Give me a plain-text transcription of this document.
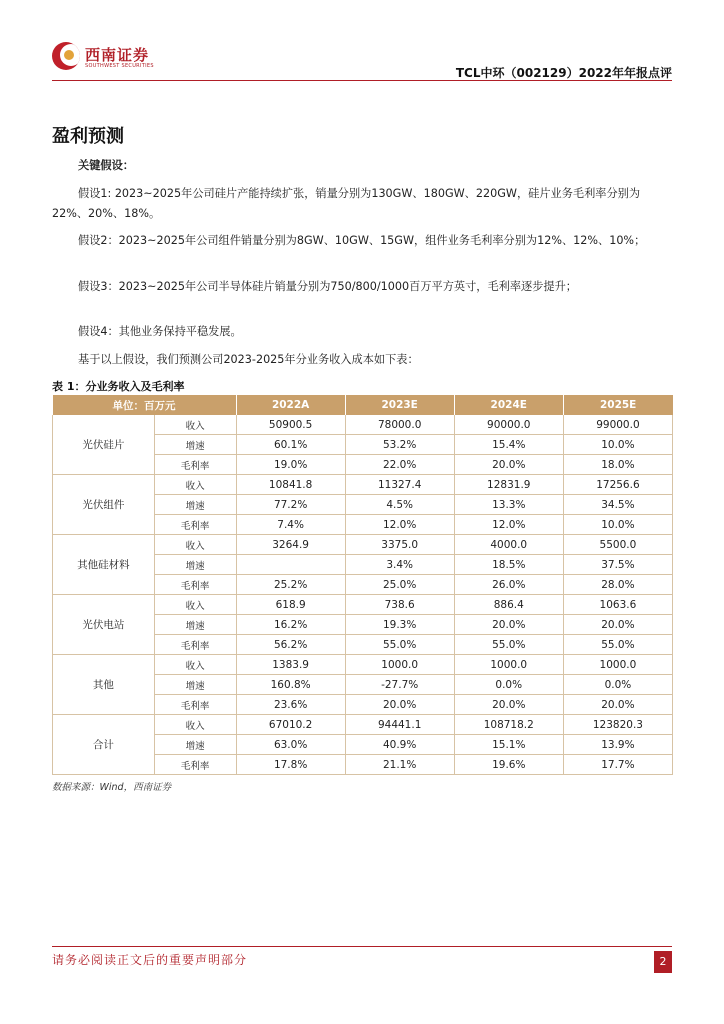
西南证券
SOUTHWEST SECURITIES	TCL中环（002129）2022年年报点评
盈利预测
关键假设：
假设1: 2023~2025年公司硅片产能持续扩张，销量分别为130GW、180GW、220GW，硅片业务毛利率分别为22%、20%、18%。
假设2：2023~2025年公司组件销量分别为8GW、10GW、15GW，组件业务毛利率分别为12%、12%、10%；
假设3：2023~2025年公司半导体硅片销量分别为750/800/1000百万平方英寸，毛利率逐步提升；
假设4：其他业务保持平稳发展。
基于以上假设，我们预测公司2023-2025年分业务收入成本如下表：
表 1：分业务收入及毛利率
单位：百万元		2022A	2023E	2024E	2025E
光伏硅片	收入	50900.5	78000.0	90000.0	99000.0
	增速	60.1%	53.2%	15.4%	10.0%
	毛利率	19.0%	22.0%	20.0%	18.0%
光伏组件	收入	10841.8	11327.4	12831.9	17256.6
	增速	77.2%	4.5%	13.3%	34.5%
	毛利率	7.4%	12.0%	12.0%	10.0%
其他硅材料	收入	3264.9	3375.0	4000.0	5500.0
	增速		3.4%	18.5%	37.5%
	毛利率	25.2%	25.0%	26.0%	28.0%
光伏电站	收入	618.9	738.6	886.4	1063.6
	增速	16.2%	19.3%	20.0%	20.0%
	毛利率	56.2%	55.0%	55.0%	55.0%
其他	收入	1383.9	1000.0	1000.0	1000.0
	增速	160.8%	-27.7%	0.0%	0.0%
	毛利率	23.6%	20.0%	20.0%	20.0%
合计	收入	67010.2	94441.1	108718.2	123820.3
	增速	63.0%	40.9%	15.1%	13.9%
	毛利率	17.8%	21.1%	19.6%	17.7%
数据来源：Wind，西南证券
请务必阅读正文后的重要声明部分	2
